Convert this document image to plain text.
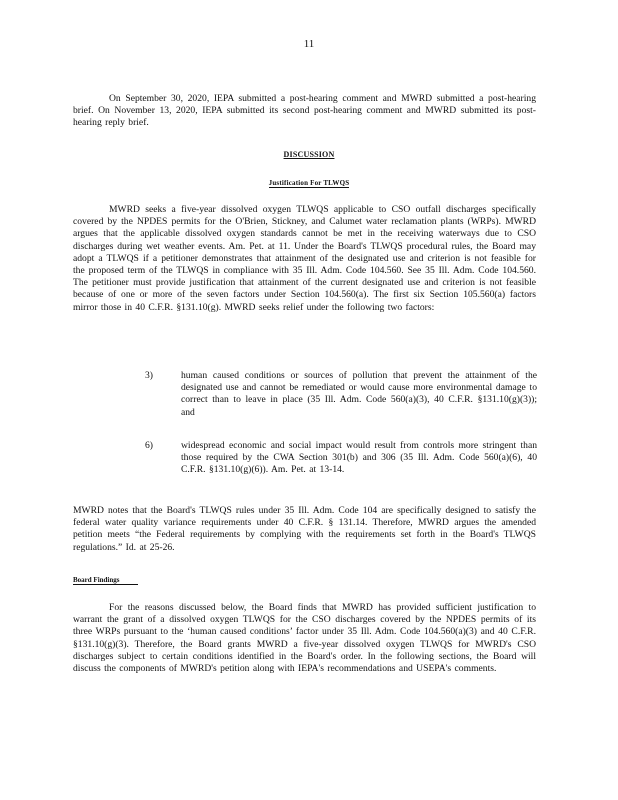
11

On September 30, 2020, IEPA submitted a post-hearing comment and MWRD submitted a post-hearing brief. On November 13, 2020, IEPA submitted its second post-hearing comment and MWRD submitted its post-hearing reply brief.

DISCUSSION
Justification For TLWQS

MWRD seeks a five-year dissolved oxygen TLWQS applicable to CSO outfall discharges specifically covered by the NPDES permits for the O'Brien, Stickney, and Calumet water reclamation plants (WRPs). MWRD argues that the applicable dissolved oxygen standards cannot be met in the receiving waterways due to CSO discharges during wet weather events. Am. Pet. at 11. Under the Board's TLWQS procedural rules, the Board may adopt a TLWQS if a petitioner demonstrates that attainment of the designated use and criterion is not feasible for the proposed term of the TLWQS in compliance with 35 Ill. Adm. Code 104.560. See 35 Ill. Adm. Code 104.560. The petitioner must provide justification that attainment of the current designated use and criterion is not feasible because of one or more of the seven factors under Section 104.560(a). The first six Section 105.560(a) factors mirror those in 40 C.F.R. §131.10(g). MWRD seeks relief under the following two factors:

3)	human caused conditions or sources of pollution that prevent the attainment of the designated use and cannot be remediated or would cause more environmental damage to correct than to leave in place (35 Ill. Adm. Code 560(a)(3), 40 C.F.R. §131.10(g)(3)); and
6)	widespread economic and social impact would result from controls more stringent than those required by the CWA Section 301(b) and 306 (35 Ill. Adm. Code 560(a)(6), 40 C.F.R. §131.10(g)(6)). Am. Pet. at 13-14.

MWRD notes that the Board's TLWQS rules under 35 Ill. Adm. Code 104 are specifically designed to satisfy the federal water quality variance requirements under 40 C.F.R. § 131.14. Therefore, MWRD argues the amended petition meets “the Federal requirements by complying with the requirements set forth in the Board's TLWQS regulations.” Id. at 25-26.

Board Findings

For the reasons discussed below, the Board finds that MWRD has provided sufficient justification to warrant the grant of a dissolved oxygen TLWQS for the CSO discharges covered by the NPDES permits of its three WRPs pursuant to the ‘human caused conditions’ factor under 35 Ill. Adm. Code 104.560(a)(3) and 40 C.F.R. §131.10(g)(3). Therefore, the Board grants MWRD a five-year dissolved oxygen TLWQS for MWRD's CSO discharges subject to certain conditions identified in the Board's order. In the following sections, the Board will discuss the components of MWRD's petition along with IEPA's recommendations and USEPA's comments.
